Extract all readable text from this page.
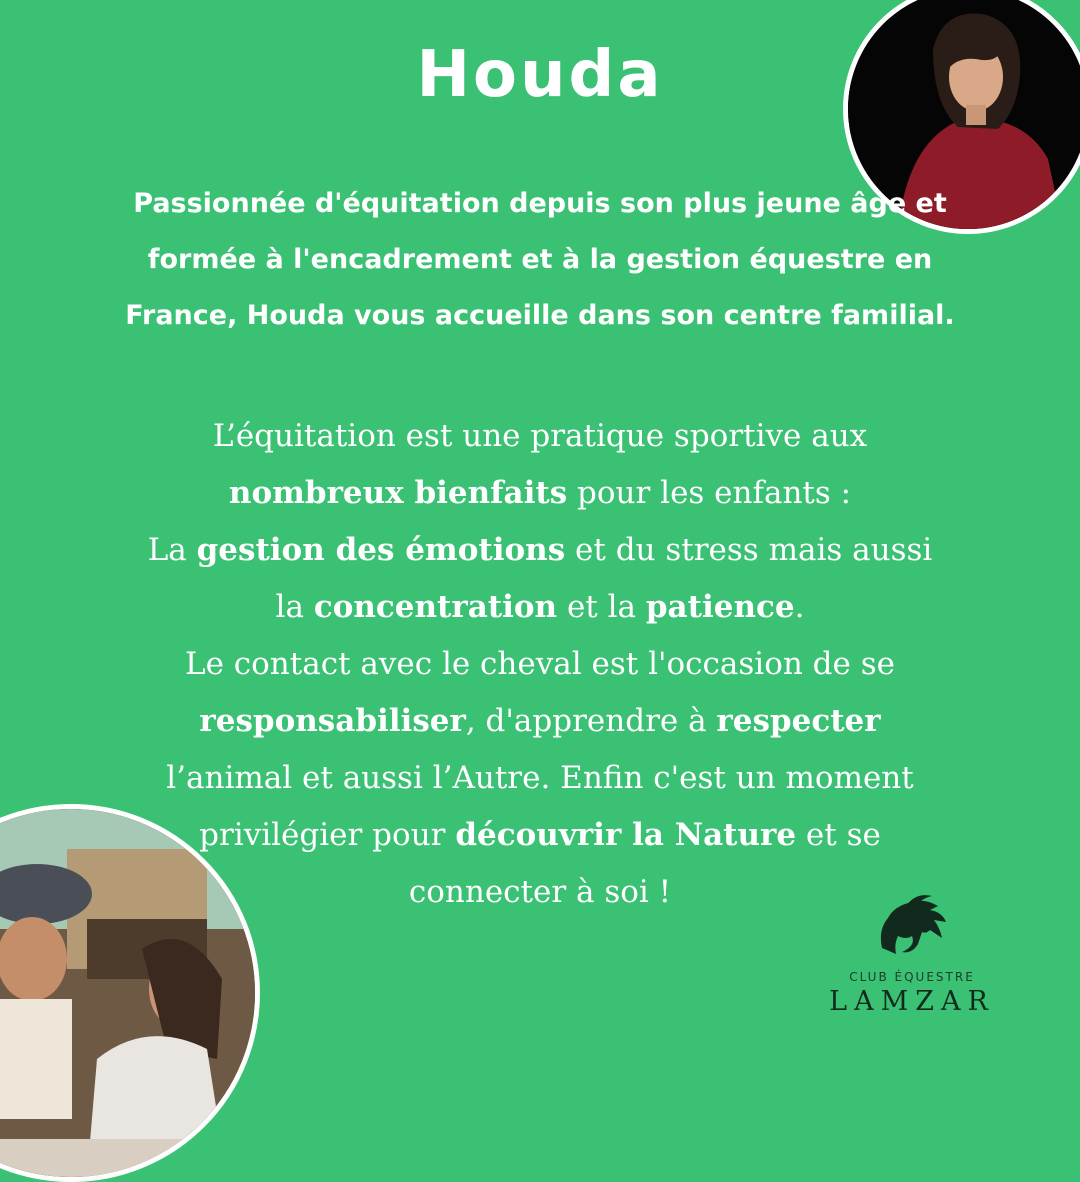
Houda
Passionnée d'équitation depuis son plus jeune âge et
formée à l'encadrement et à la gestion équestre en
France, Houda vous accueille dans son centre familial.
L’équitation est une pratique sportive aux
nombreux bienfaits pour les enfants :
La gestion des émotions et du stress mais aussi
la concentration et la patience.
Le contact avec le cheval est l'occasion de se
responsabiliser, d'apprendre à respecter
l’animal et aussi l’Autre. Enfin c'est un moment
privilégier pour découvrir la Nature et se
connecter à soi !
CLUB ÉQUESTRE
LAMZAR
